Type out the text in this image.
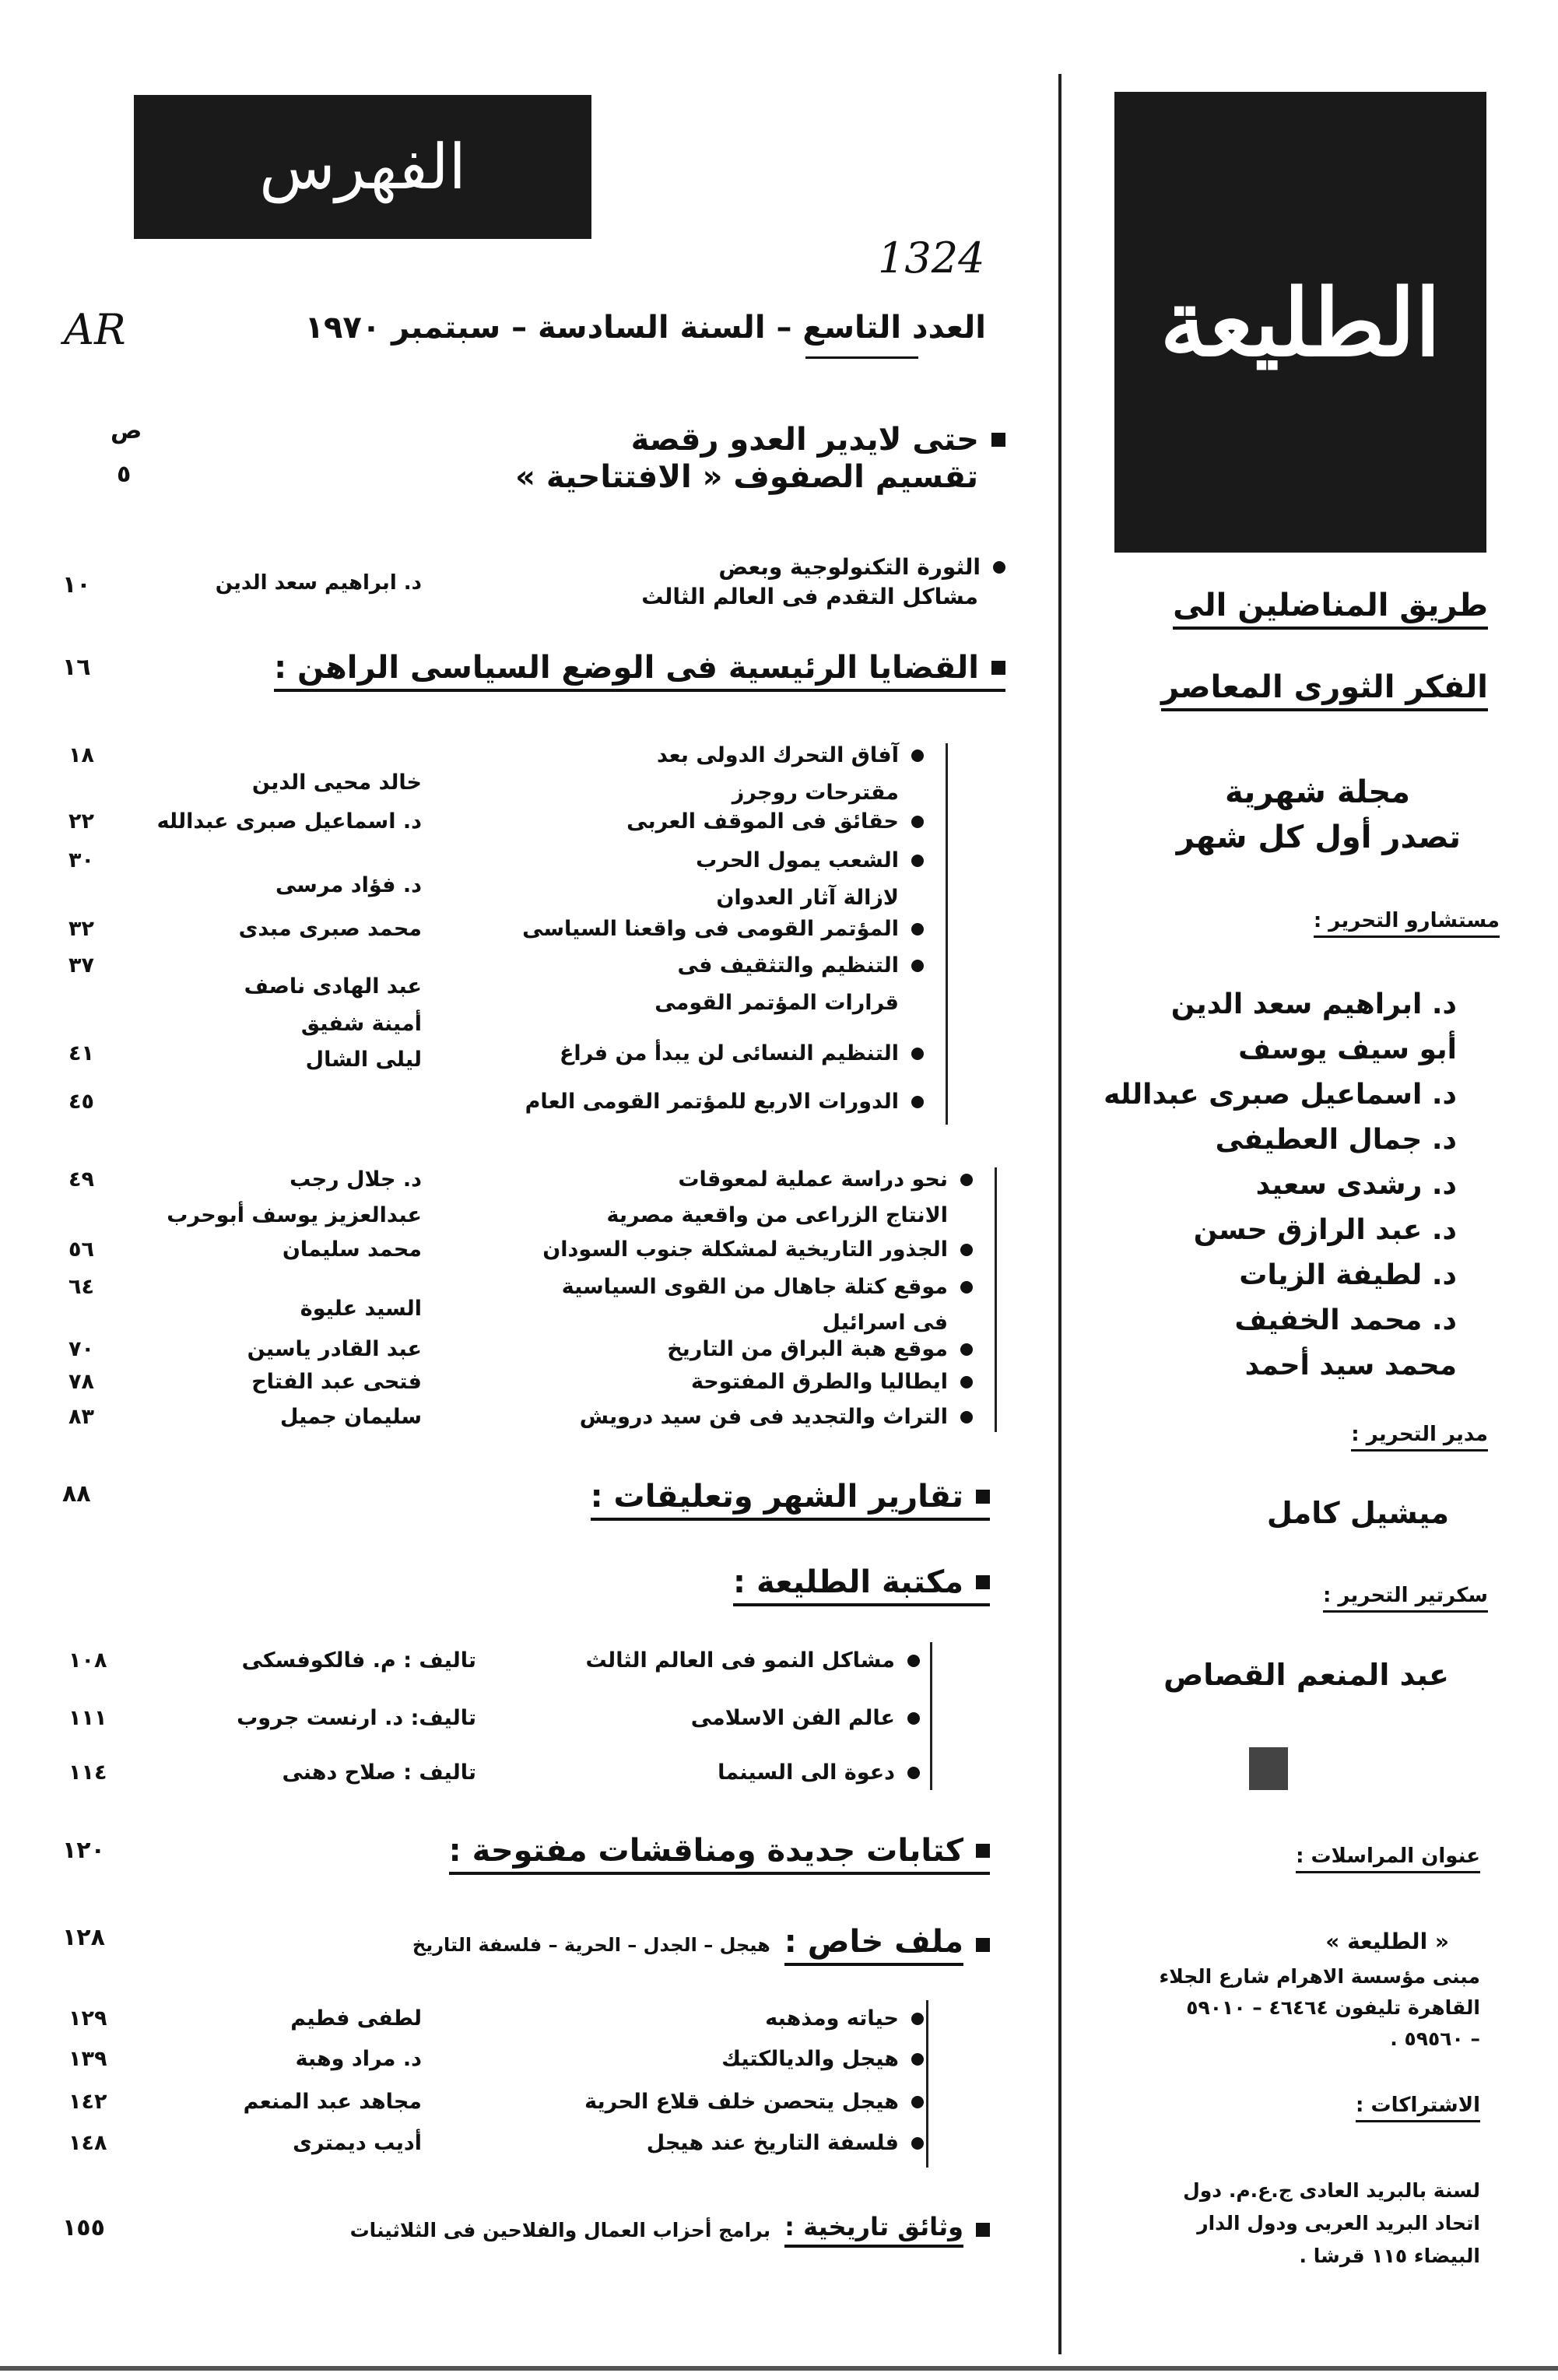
الطليعة
طريق المناضلين الى
الفكر الثورى المعاصر
مجلة شهرية
تصدر أول كل شهر
مستشارو التحرير :
د. ابراهيم سعد الدين
أبو سيف يوسف
د. اسماعيل صبرى عبدالله
د. جمال العطيفى
د. رشدى سعيد
د. عبد الرازق حسن
د. لطيفة الزيات
د. محمد الخفيف
محمد سيد أحمد
مدير التحرير :
ميشيل كامل
سكرتير التحرير :
عبد المنعم القصاص
عنوان المراسلات :
« الطليعة »
مبنى مؤسسة الاهرام شارع الجلاء
القاهرة تليفون ٤٦٤٦٤ – ٥٩٠١٠
– ٥٩٥٦٠ .
الاشتراكات :
لسنة بالبريد العادى ج.ع.م. دول
اتحاد البريد العربى ودول الدار
البيضاء ١١٥ قرشا .
الفهرس
1324
AR	العدد التاسع – السنة السادسة – سبتمبر ١٩٧٠
ص	حتى لايدير العدو رقصة
تقسيم الصفوف « الافتتاحية »
٥
الثورة التكنولوجية وبعض
مشاكل التقدم فى العالم الثالث
د. ابراهيم سعد الدين
١٠
القضايا الرئيسية فى الوضع السياسى الراهن :
١٦
آفاق التحرك الدولى بعد
مقترحات روجرز
خالد محيى الدين
١٨
حقائق فى الموقف العربى
د. اسماعيل صبرى عبدالله
٢٢
الشعب يمول الحرب
لازالة آثار العدوان
د. فؤاد مرسى
٣٠
المؤتمر القومى فى واقعنا السياسى
محمد صبرى مبدى
٣٢
التنظيم والتثقيف فى
قرارات المؤتمر القومى
عبد الهادى ناصف
٣٧
التنظيم النسائى لن يبدأ من فراغ
أمينة شفيق
ليلى الشال
٤١
الدورات الاربع للمؤتمر القومى العام
٤٥
نحو دراسة عملية لمعوقات
الانتاج الزراعى من واقعية مصرية
د. جلال رجب
عبدالعزيز يوسف أبوحرب
٤٩
الجذور التاريخية لمشكلة جنوب السودان
محمد سليمان
٥٦
موقع كتلة جاهال من القوى السياسية
فى اسرائيل
السيد عليوة
٦٤
موقع هبة البراق من التاريخ
عبد القادر ياسين
٧٠
ايطاليا والطرق المفتوحة
فتحى عبد الفتاح
٧٨
التراث والتجديد فى فن سيد درويش
سليمان جميل
٨٣
تقارير الشهر وتعليقات :
٨٨
مكتبة الطليعة :
مشاكل النمو فى العالم الثالث
تاليف : م. فالكوفسكى
١٠٨
عالم الفن الاسلامى
تاليف: د. ارنست جروب
١١١
دعوة الى السينما
تاليف : صلاح دهنى
١١٤
كتابات جديدة ومناقشات مفتوحة :
١٢٠
ملف خاص :
هيجل – الجدل – الحرية – فلسفة التاريخ
١٢٨
حياته ومذهبه
لطفى فطيم
١٢٩
هيجل والديالكتيك
د. مراد وهبة
١٣٩
هيجل يتحصن خلف قلاع الحرية
مجاهد عبد المنعم
١٤٢
فلسفة التاريخ عند هيجل
أديب ديمترى
١٤٨
وثائق تاريخية :
برامج أحزاب العمال والفلاحين فى الثلاثينات
١٥٥
